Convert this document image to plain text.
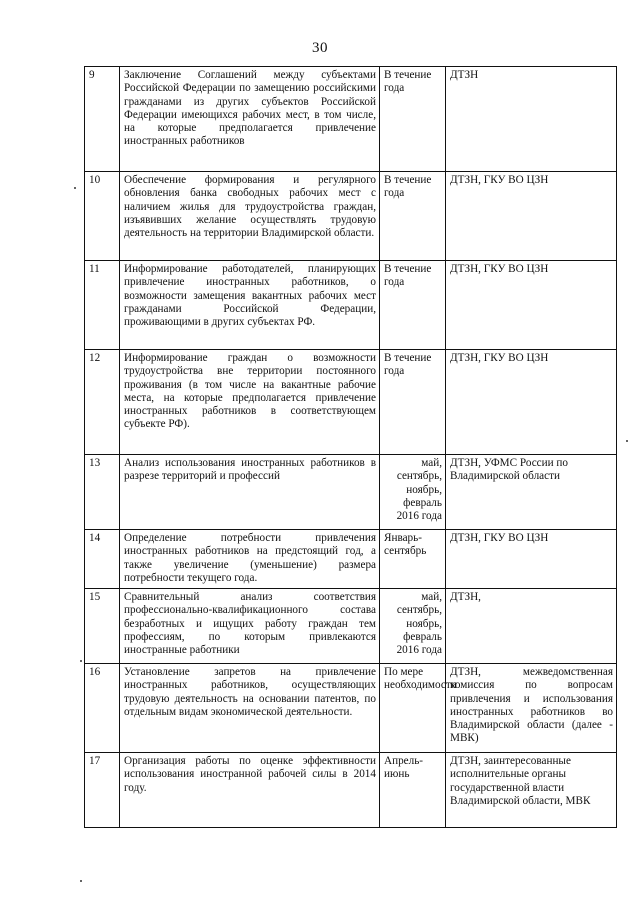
30
9	Заключение Соглашений между субъектами Российской Федерации по замещению российскими гражданами из других субъектов Российской Федерации имеющихся рабочих мест, в том числе, на которые предполагается привлечение иностранных работников	В течение года	ДТЗН
10	Обеспечение формирования и регулярного обновления банка свободных рабочих мест с наличием жилья для трудоустройства граждан, изъявивших желание осуществлять трудовую деятельность на территории Владимирской области.	В течение года	ДТЗН, ГКУ ВО ЦЗН
11	Информирование работодателей, планирующих привлечение иностранных работников, о возможности замещения вакантных рабочих мест гражданами Российской Федерации, проживающими в других субъектах РФ.	В течение года	ДТЗН, ГКУ ВО ЦЗН
12	Информирование граждан о возможности трудоустройства вне территории постоянного проживания (в том числе на вакантные рабочие места, на которые предполагается привлечение иностранных работников в соответствующем субъекте РФ).	В течение года	ДТЗН, ГКУ ВО ЦЗН
13	Анализ использования иностранных работников в разрезе территорий и профессий	май, сентябрь, ноябрь, февраль 2016 года	ДТЗН, УФМС России по Владимирской области
14	Определение потребности привлечения иностранных работников на предстоящий год, а также увеличение (уменьшение) размера потребности текущего года.	Январь-сентябрь	ДТЗН, ГКУ ВО ЦЗН
15	Сравнительный анализ соответствия профессионально-квалификационного состава безработных и ищущих работу граждан тем профессиям, по которым привлекаются иностранные работники	май, сентябрь, ноябрь, февраль 2016 года	ДТЗН,
16	Установление запретов на привлечение иностранных работников, осуществляющих трудовую деятельность на основании патентов, по отдельным видам экономической деятельности.	По мере необходимости	ДТЗН, межведомственная комиссия по вопросам привлечения и использования иностранных работников во Владимирской области (далее - МВК)
17	Организация работы по оценке эффективности использования иностранной рабочей силы в 2014 году.	Апрель-июнь	ДТЗН, заинтересованные исполнительные органы государственной власти Владимирской области, МВК
